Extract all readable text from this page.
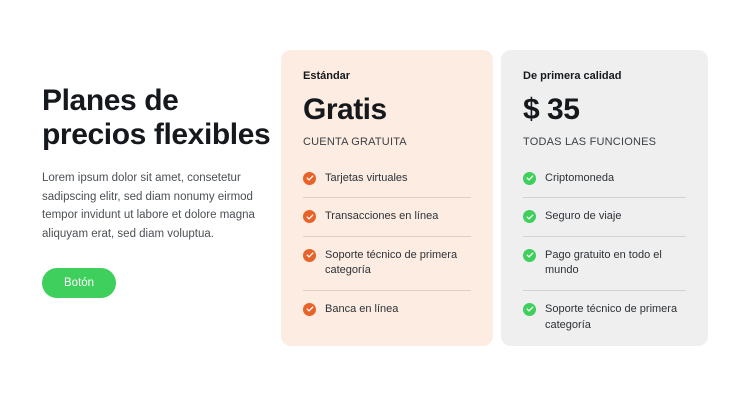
Planes de precios flexibles

Lorem ipsum dolor sit amet, consetetur sadipscing elitr, sed diam nonumy eirmod tempor invidunt ut labore et dolore magna aliquyam erat, sed diam voluptua.

Botón
Estándar
Gratis
CUENTA GRATUITA
Tarjetas virtuales
Transacciones en línea
Soporte técnico de primera categoría
Banca en línea
De primera calidad
$ 35
TODAS LAS FUNCIONES
Criptomoneda
Seguro de viaje
Pago gratuito en todo el mundo
Soporte técnico de primera categoría
